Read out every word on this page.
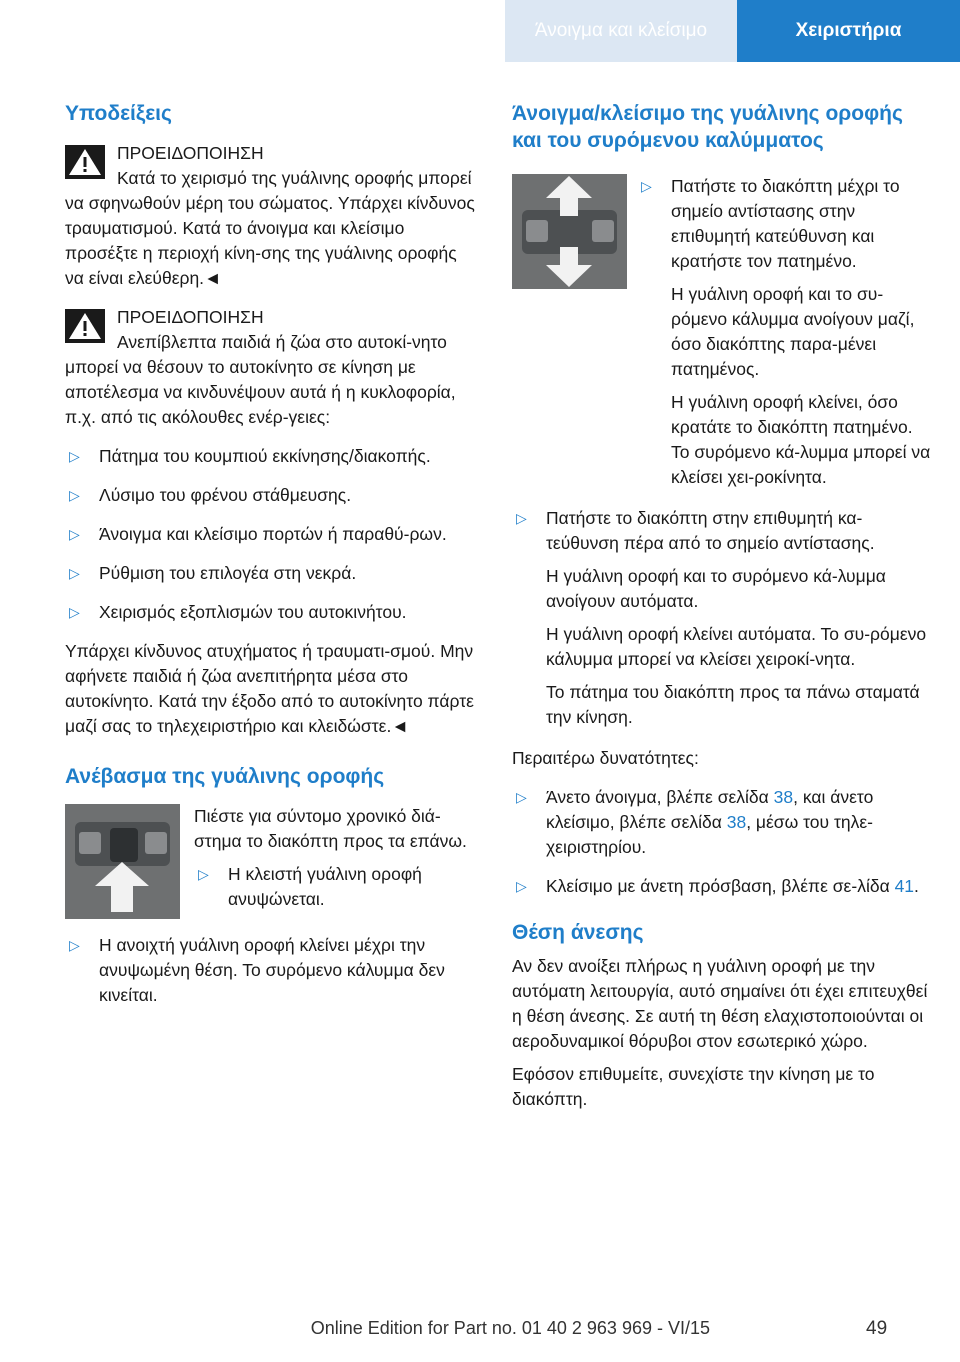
Άνοιγμα και κλείσιμο	Χειριστήρια

Υποδείξεις

ΠΡΟΕΙΔΟΠΟΙΗΣΗ

Κατά το χειρισμό της γυάλινης οροφής μπορεί να σφηνωθούν μέρη του σώματος. Υπάρχει κίνδυνος τραυματισμού. Κατά το άνοιγμα και κλείσιμο προσέξτε η περιοχή κίνη-σης της γυάλινης οροφής να είναι ελεύθερη.◄

ΠΡΟΕΙΔΟΠΟΙΗΣΗ

Ανεπίβλεπτα παιδιά ή ζώα στο αυτοκί-νητο μπορεί να θέσουν το αυτοκίνητο σε κίνηση με αποτέλεσμα να κινδυνέψουν αυτά ή η κυκλοφορία, π.χ. από τις ακόλουθες ενέρ-γειες:

▷ Πάτημα του κουμπιού εκκίνησης/διακοπής.
▷ Λύσιμο του φρένου στάθμευσης.
▷ Άνοιγμα και κλείσιμο πορτών ή παραθύ-ρων.
▷ Ρύθμιση του επιλογέα στη νεκρά.
▷ Χειρισμός εξοπλισμών του αυτοκινήτου.

Υπάρχει κίνδυνος ατυχήματος ή τραυματι-σμού. Μην αφήνετε παιδιά ή ζώα ανεπιτήρητα μέσα στο αυτοκίνητο. Κατά την έξοδο από το αυτοκίνητο πάρτε μαζί σας το τηλεχειριστήριο και κλειδώστε.◄

Ανέβασμα της γυάλινης οροφής

Πιέστε για σύντομο χρονικό διά-στημα το διακόπτη προς τα επάνω.

▷ Η κλειστή γυάλινη οροφή ανυψώνεται.
▷ Η ανοιχτή γυάλινη οροφή κλείνει μέχρι την ανυψωμένη θέση. Το συρόμενο κάλυμμα δεν κινείται.

Άνοιγμα/κλείσιμο της γυάλινης οροφής και του συρόμενου καλύμματος

▷ Πατήστε το διακόπτη μέχρι το σημείο αντίστασης στην επιθυμητή κατεύθυνση και κρατήστε τον πατημένο.

Η γυάλινη οροφή και το συ-ρόμενο κάλυμμα ανοίγουν μαζί, όσο διακόπτης παρα-μένει πατημένος.

Η γυάλινη οροφή κλείνει, όσο κρατάτε το διακόπτη πατημένο. Το συρόμενο κά-λυμμα μπορεί να κλείσει χει-ροκίνητα.

▷ Πατήστε το διακόπτη στην επιθυμητή κα-τεύθυνση πέρα από το σημείο αντίστασης.

Η γυάλινη οροφή και το συρόμενο κά-λυμμα ανοίγουν αυτόματα.

Η γυάλινη οροφή κλείνει αυτόματα. Το συ-ρόμενο κάλυμμα μπορεί να κλείσει χειροκί-νητα.

Το πάτημα του διακόπτη προς τα πάνω σταματά την κίνηση.

Περαιτέρω δυνατότητες:

▷ Άνετο άνοιγμα, βλέπε σελίδα 38, και άνετο κλείσιμο, βλέπε σελίδα 38, μέσω του τηλε-χειριστηρίου.
▷ Κλείσιμο με άνετη πρόσβαση, βλέπε σε-λίδα 41.

Θέση άνεσης

Αν δεν ανοίξει πλήρως η γυάλινη οροφή με την αυτόματη λειτουργία, αυτό σημαίνει ότι έχει επιτευχθεί η θέση άνεσης. Σε αυτή τη θέση ελαχιστοποιούνται οι αεροδυναμικοί θόρυβοι στον εσωτερικό χώρο.

Εφόσον επιθυμείτε, συνεχίστε την κίνηση με το διακόπτη.

Online Edition for Part no. 01 40 2 963 969 - VI/15	49
